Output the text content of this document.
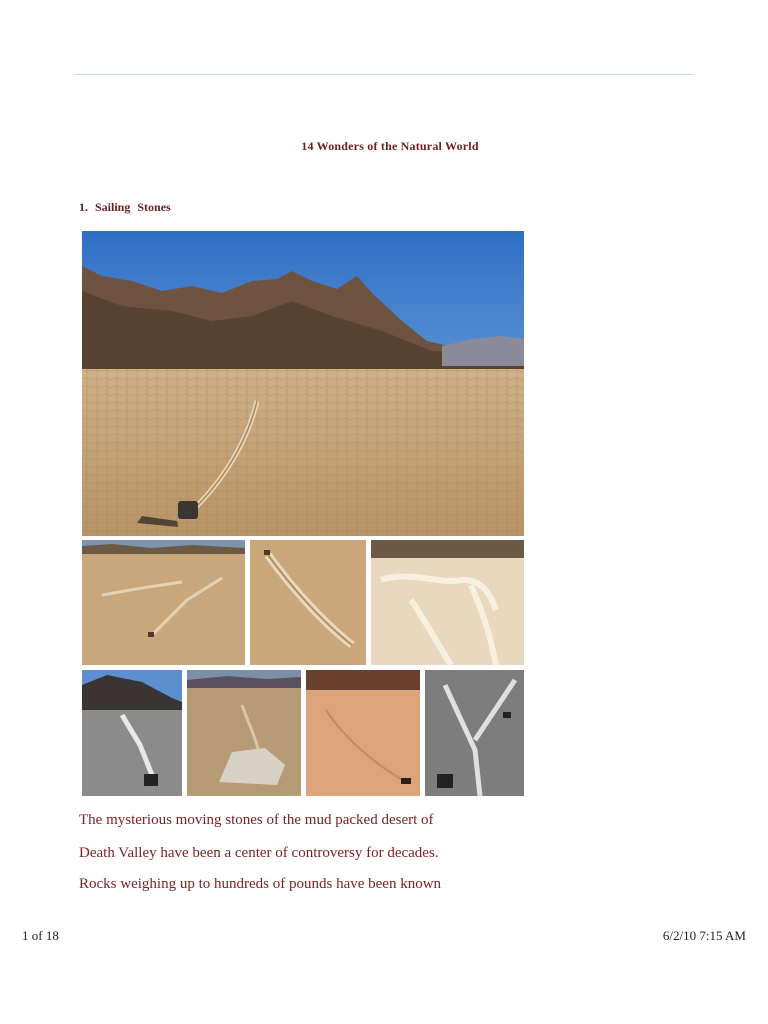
14 Wonders of the Natural World
1. Sailing Stones
The mysterious moving stones of the mud packed desert of
Death Valley have been a center of controversy for decades.
Rocks weighing up to hundreds of pounds have been known
1 of 18	6/2/10 7:15 AM
